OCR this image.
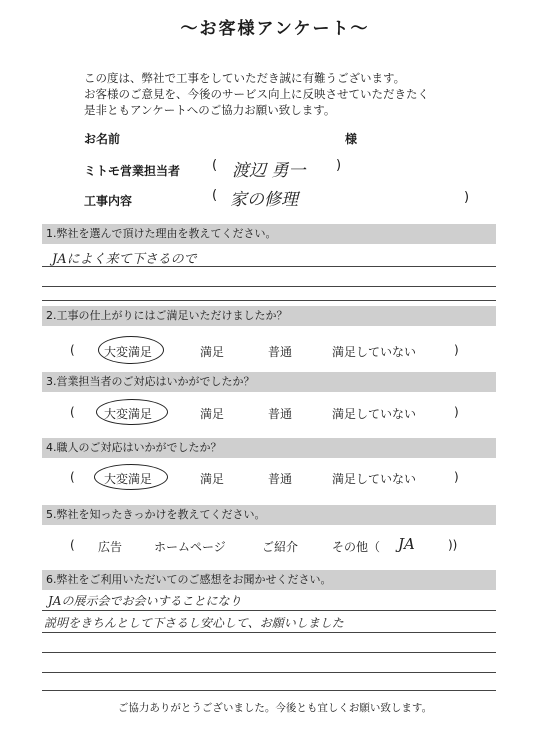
～お客様アンケート～
この度は、弊社で工事をしていただき誠に有難うございます。
お客様のご意見を、今後のサービス向上に反映させていただきたく
是非ともアンケートへのご協力お願い致します。
お名前	様
ミトモ営業担当者 ( 渡辺 勇一 )
工事内容	( 家の修理	)
1.弊社を選んで頂けた理由を教えてください。
JAによく来て下さるので
2.工事の仕上がりにはご満足いただけましたか？
( 大変満足	満足	普通	満足していない	)
3.営業担当者のご対応はいかがでしたか？
( 大変満足	満足	普通	満足していない	)
4.職人のご対応はいかがでしたか？
( 大変満足	満足	普通	満足していない	)
5.弊社を知ったきっかけを教えてください。
( 広告	ホームページ	ご紹介	その他（ JA	))
6.弊社をご利用いただいてのご感想をお聞かせください。
JAの展示会でお会いすることになり
説明をきちんとして下さるし安心して、お願いしました
ご協力ありがとうございました。今後とも宜しくお願い致します。
